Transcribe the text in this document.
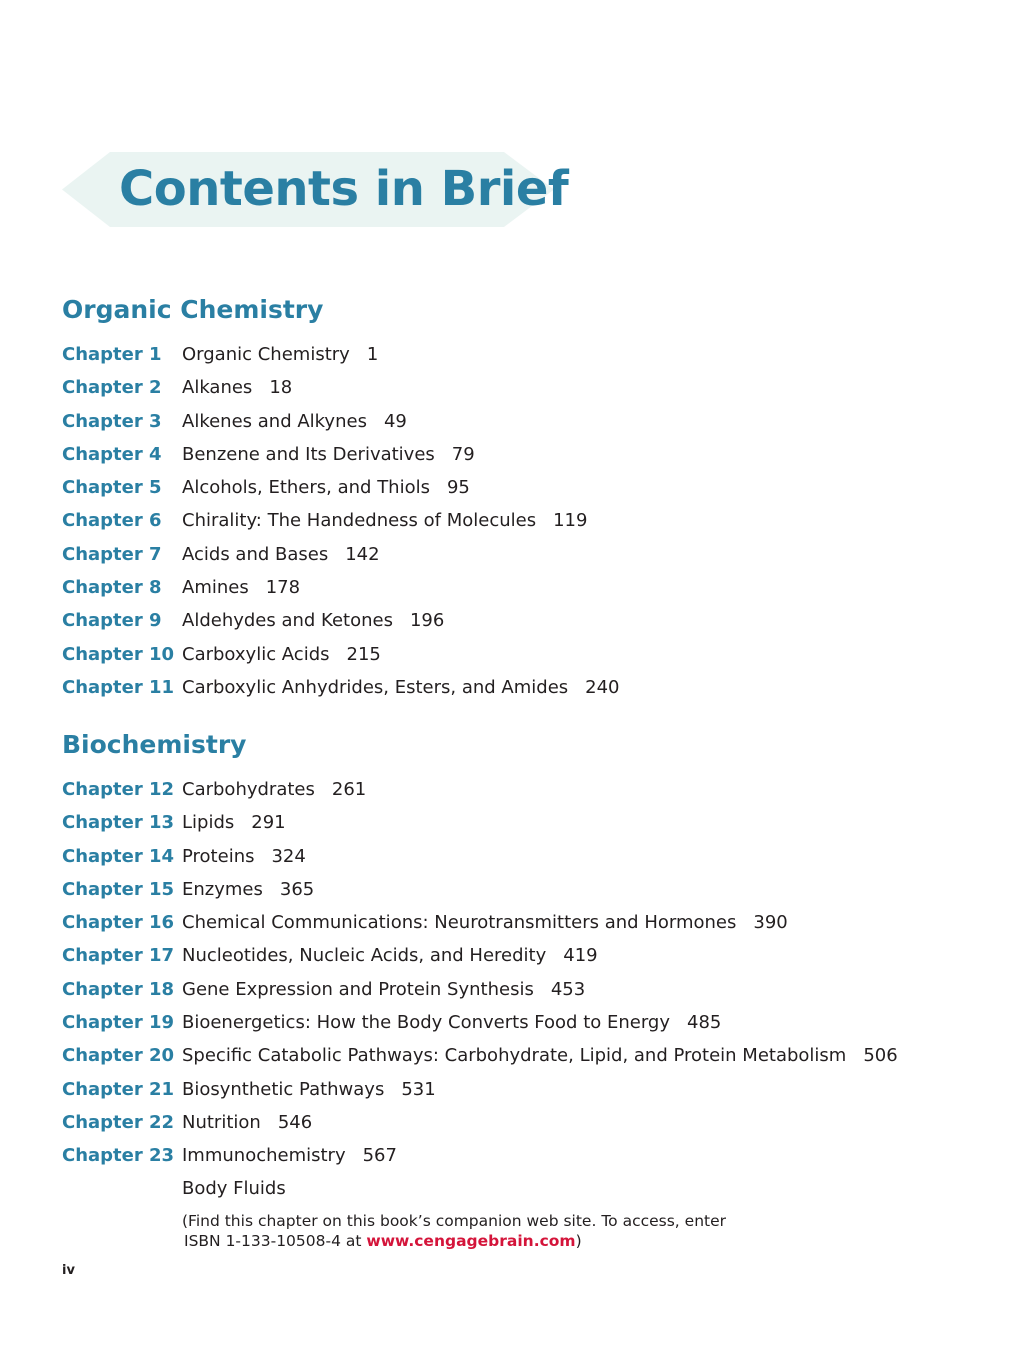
Contents in Brief
Organic Chemistry
Chapter 1 Organic Chemistry 1
Chapter 2 Alkanes 18
Chapter 3 Alkenes and Alkynes 49
Chapter 4 Benzene and Its Derivatives 79
Chapter 5 Alcohols, Ethers, and Thiols 95
Chapter 6 Chirality: The Handedness of Molecules 119
Chapter 7 Acids and Bases 142
Chapter 8 Amines 178
Chapter 9 Aldehydes and Ketones 196
Chapter 10 Carboxylic Acids 215
Chapter 11 Carboxylic Anhydrides, Esters, and Amides 240
Biochemistry
Chapter 12 Carbohydrates 261
Chapter 13 Lipids 291
Chapter 14 Proteins 324
Chapter 15 Enzymes 365
Chapter 16 Chemical Communications: Neurotransmitters and Hormones 390
Chapter 17 Nucleotides, Nucleic Acids, and Heredity 419
Chapter 18 Gene Expression and Protein Synthesis 453
Chapter 19 Bioenergetics: How the Body Converts Food to Energy 485
Chapter 20 Specific Catabolic Pathways: Carbohydrate, Lipid, and Protein Metabolism 506
Chapter 21 Biosynthetic Pathways 531
Chapter 22 Nutrition 546
Chapter 23 Immunochemistry 567
Body Fluids
(Find this chapter on this book’s companion web site. To access, enter
ISBN 1-133-10508-4 at www.cengagebrain.com)
iv
